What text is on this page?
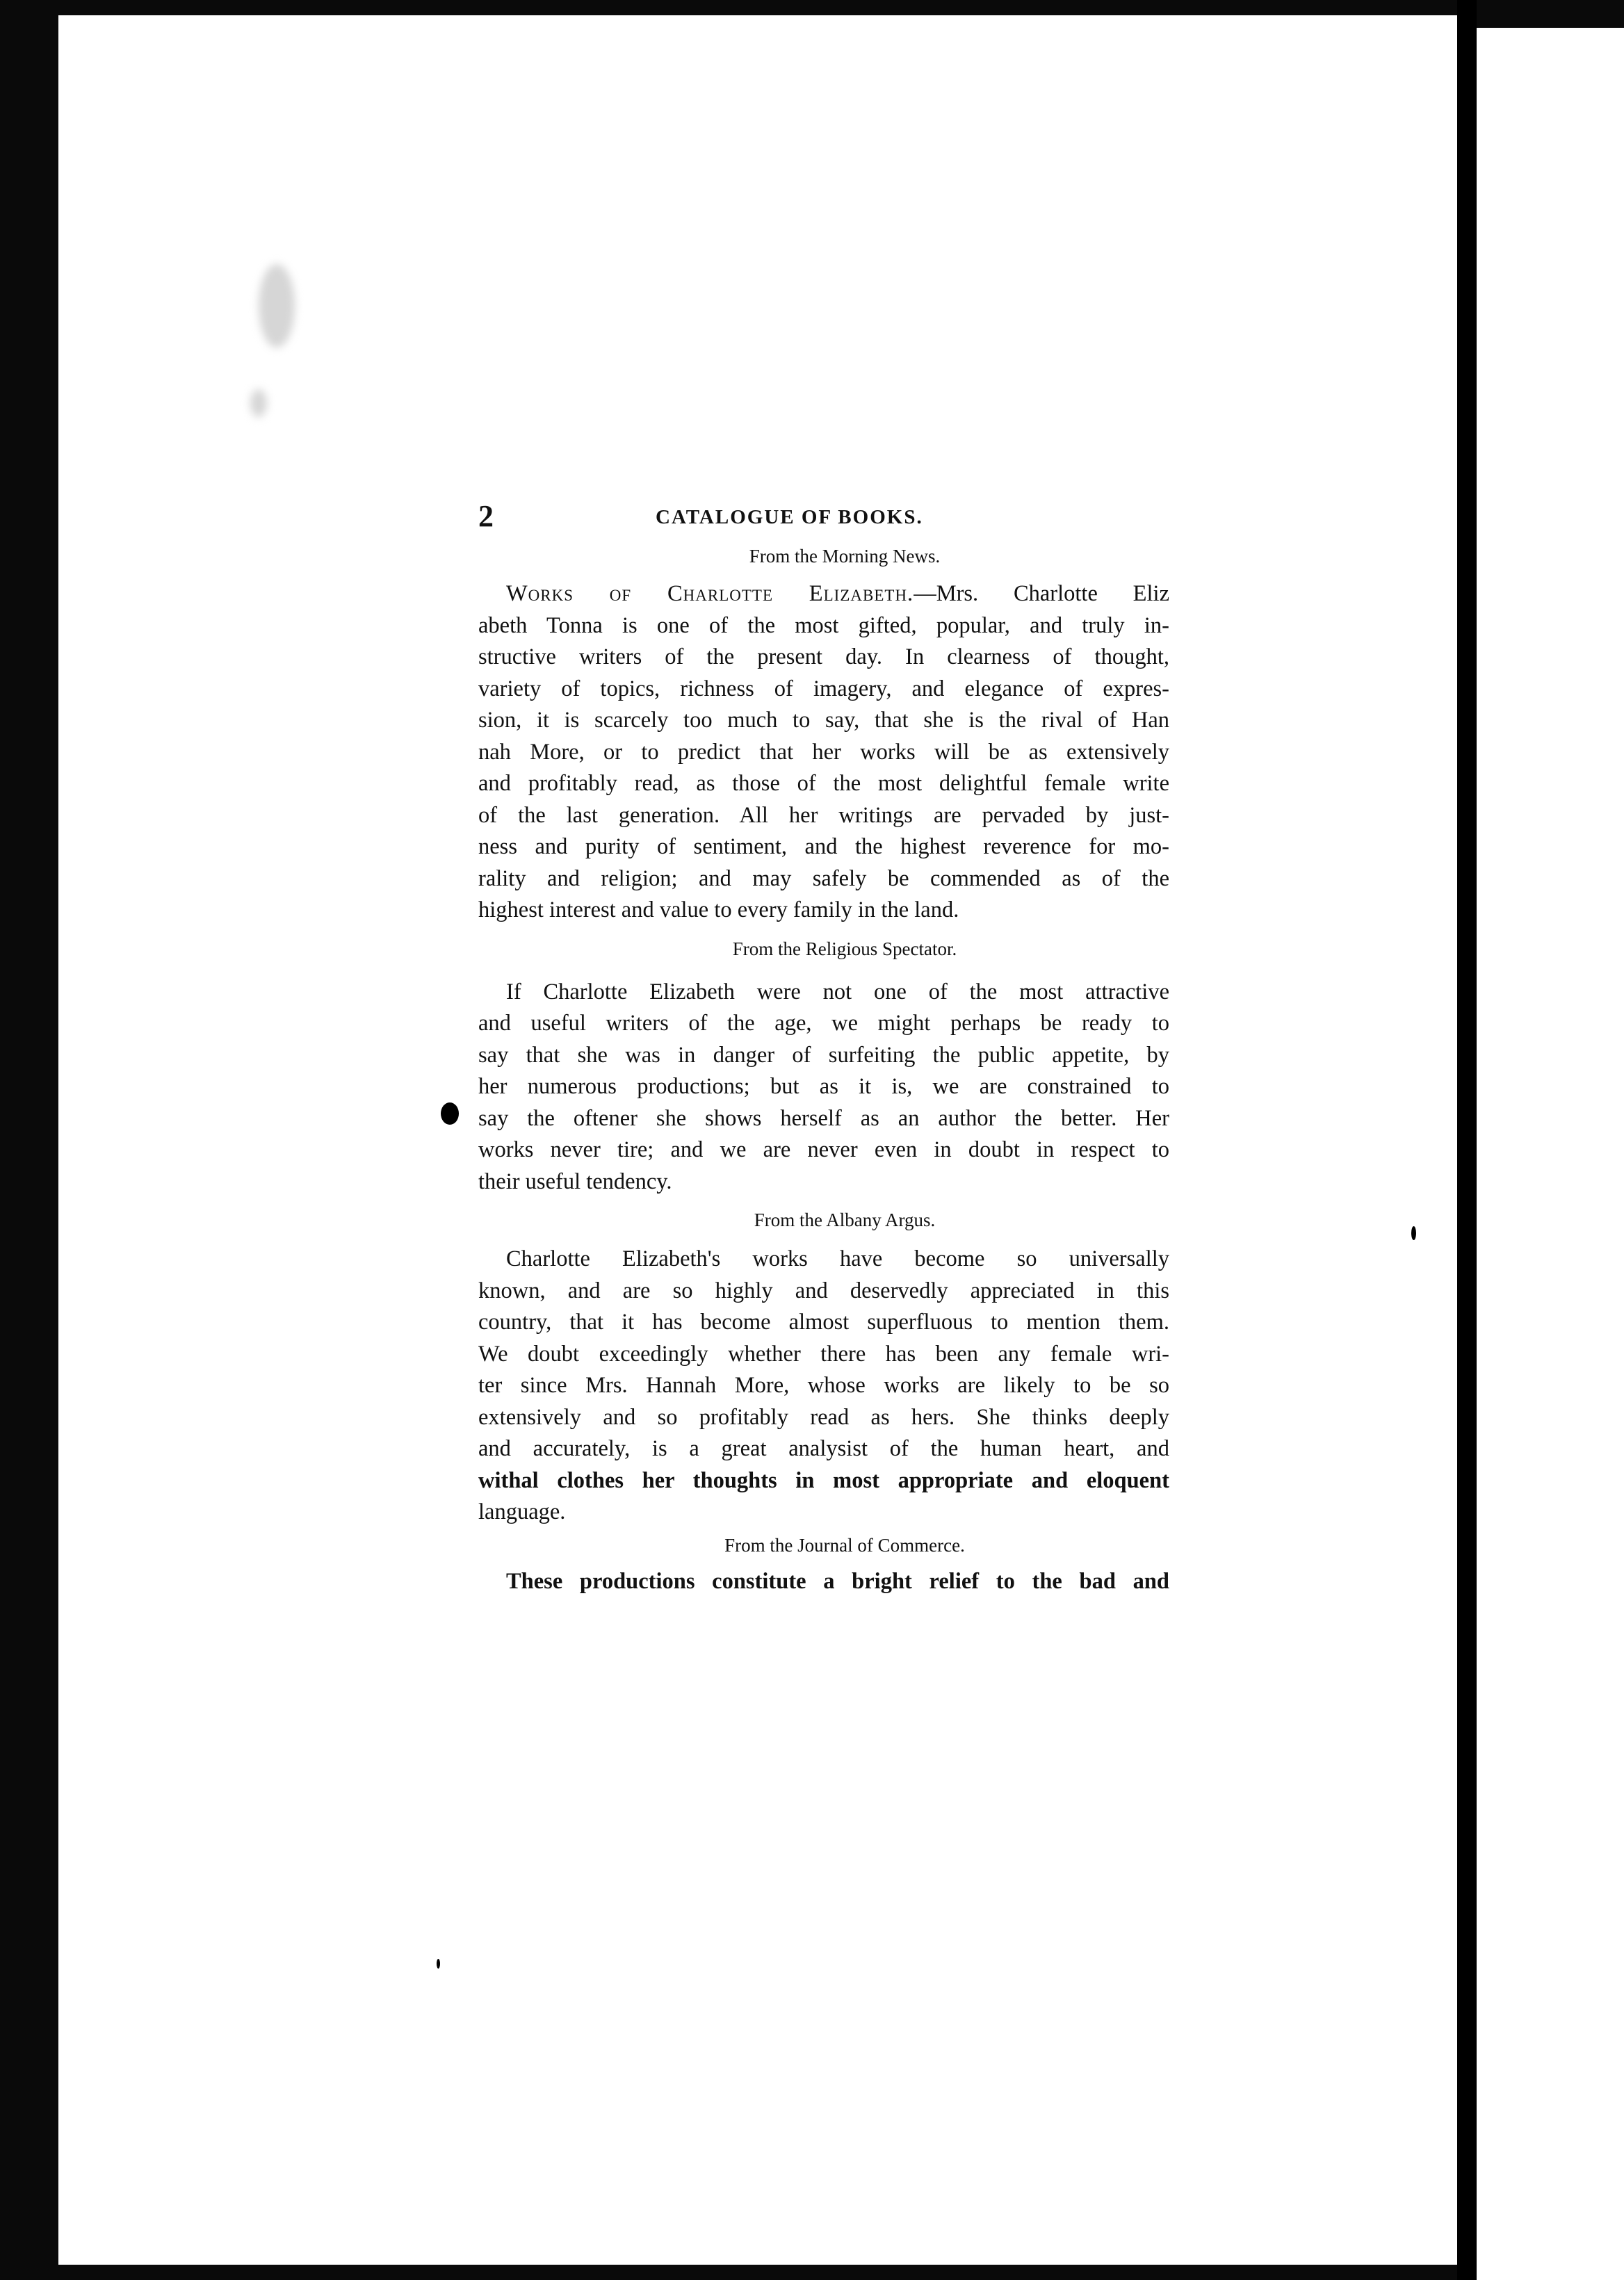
2	CATALOGUE OF BOOKS.

From the Morning News.

Works of Charlotte Elizabeth.—Mrs. Charlotte Eliz
abeth Tonna is one of the most gifted, popular, and truly in-
structive writers of the present day. In clearness of thought,
variety of topics, richness of imagery, and elegance of expres-
sion, it is scarcely too much to say, that she is the rival of Han
nah More, or to predict that her works will be as extensively
and profitably read, as those of the most delightful female write
of the last generation. All her writings are pervaded by just-
ness and purity of sentiment, and the highest reverence for mo-
rality and religion; and may safely be commended as of the
highest interest and value to every family in the land.

From the Religious Spectator.

If Charlotte Elizabeth were not one of the most attractive
and useful writers of the age, we might perhaps be ready to
say that she was in danger of surfeiting the public appetite, by
her numerous productions; but as it is, we are constrained to
say the oftener she shows herself as an author the better. Her
works never tire; and we are never even in doubt in respect to
their useful tendency.

From the Albany Argus.

Charlotte Elizabeth's works have become so universally
known, and are so highly and deservedly appreciated in this
country, that it has become almost superfluous to mention them.
We doubt exceedingly whether there has been any female wri-
ter since Mrs. Hannah More, whose works are likely to be so
extensively and so profitably read as hers. She thinks deeply
and accurately, is a great analysist of the human heart, and
withal clothes her thoughts in most appropriate and eloquent
language.

From the Journal of Commerce.

These productions constitute a bright relief to the bad and
